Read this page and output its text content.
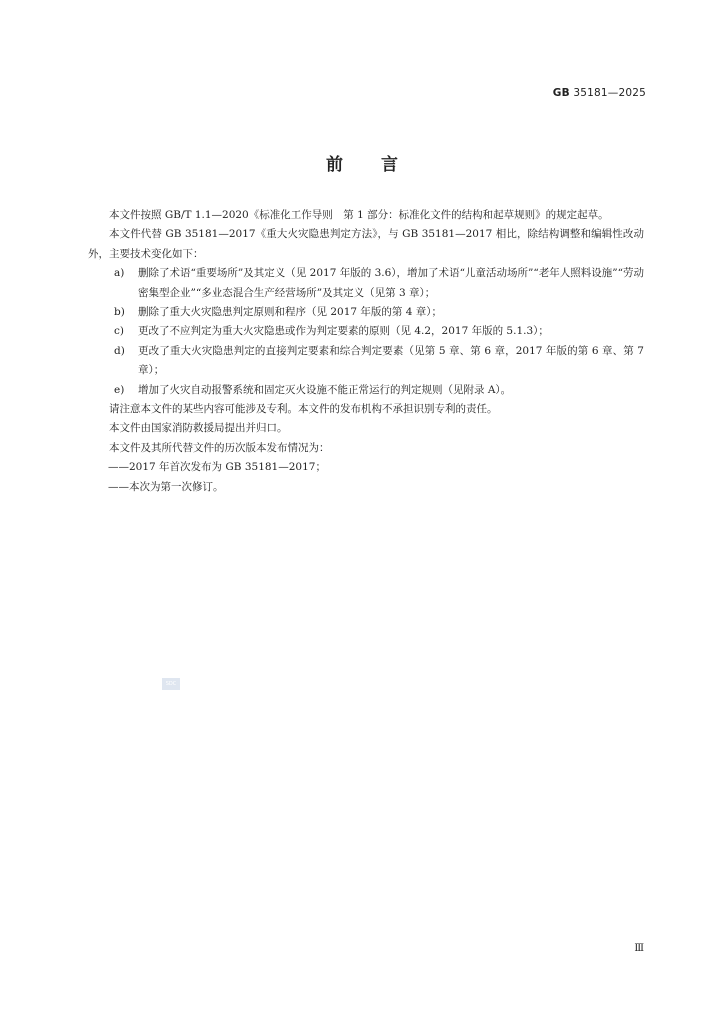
GB 35181—2025
前言

本文件按照 GB/T 1.1—2020《标准化工作导则　第 1 部分：标准化文件的结构和起草规则》的规定起草。

本文件代替 GB 35181—2017《重大火灾隐患判定方法》，与 GB 35181—2017 相比，除结构调整和编辑性改动外，主要技术变化如下：

a) 删除了术语“重要场所”及其定义（见 2017 年版的 3.6），增加了术语“儿童活动场所”“老年人照料设施”“劳动密集型企业”“多业态混合生产经营场所”及其定义（见第 3 章）；
b) 删除了重大火灾隐患判定原则和程序（见 2017 年版的第 4 章）；
c) 更改了不应判定为重大火灾隐患或作为判定要素的原则（见 4.2，2017 年版的 5.1.3）；
d) 更改了重大火灾隐患判定的直接判定要素和综合判定要素（见第 5 章、第 6 章，2017 年版的第 6 章、第 7 章）；
e) 增加了火灾自动报警系统和固定灭火设施不能正常运行的判定规则（见附录 A）。

请注意本文件的某些内容可能涉及专利。本文件的发布机构不承担识别专利的责任。

本文件由国家消防救援局提出并归口。

本文件及其所代替文件的历次版本发布情况为：

——2017 年首次发布为 GB 35181—2017；

——本次为第一次修订。

SDC
Ⅲ
